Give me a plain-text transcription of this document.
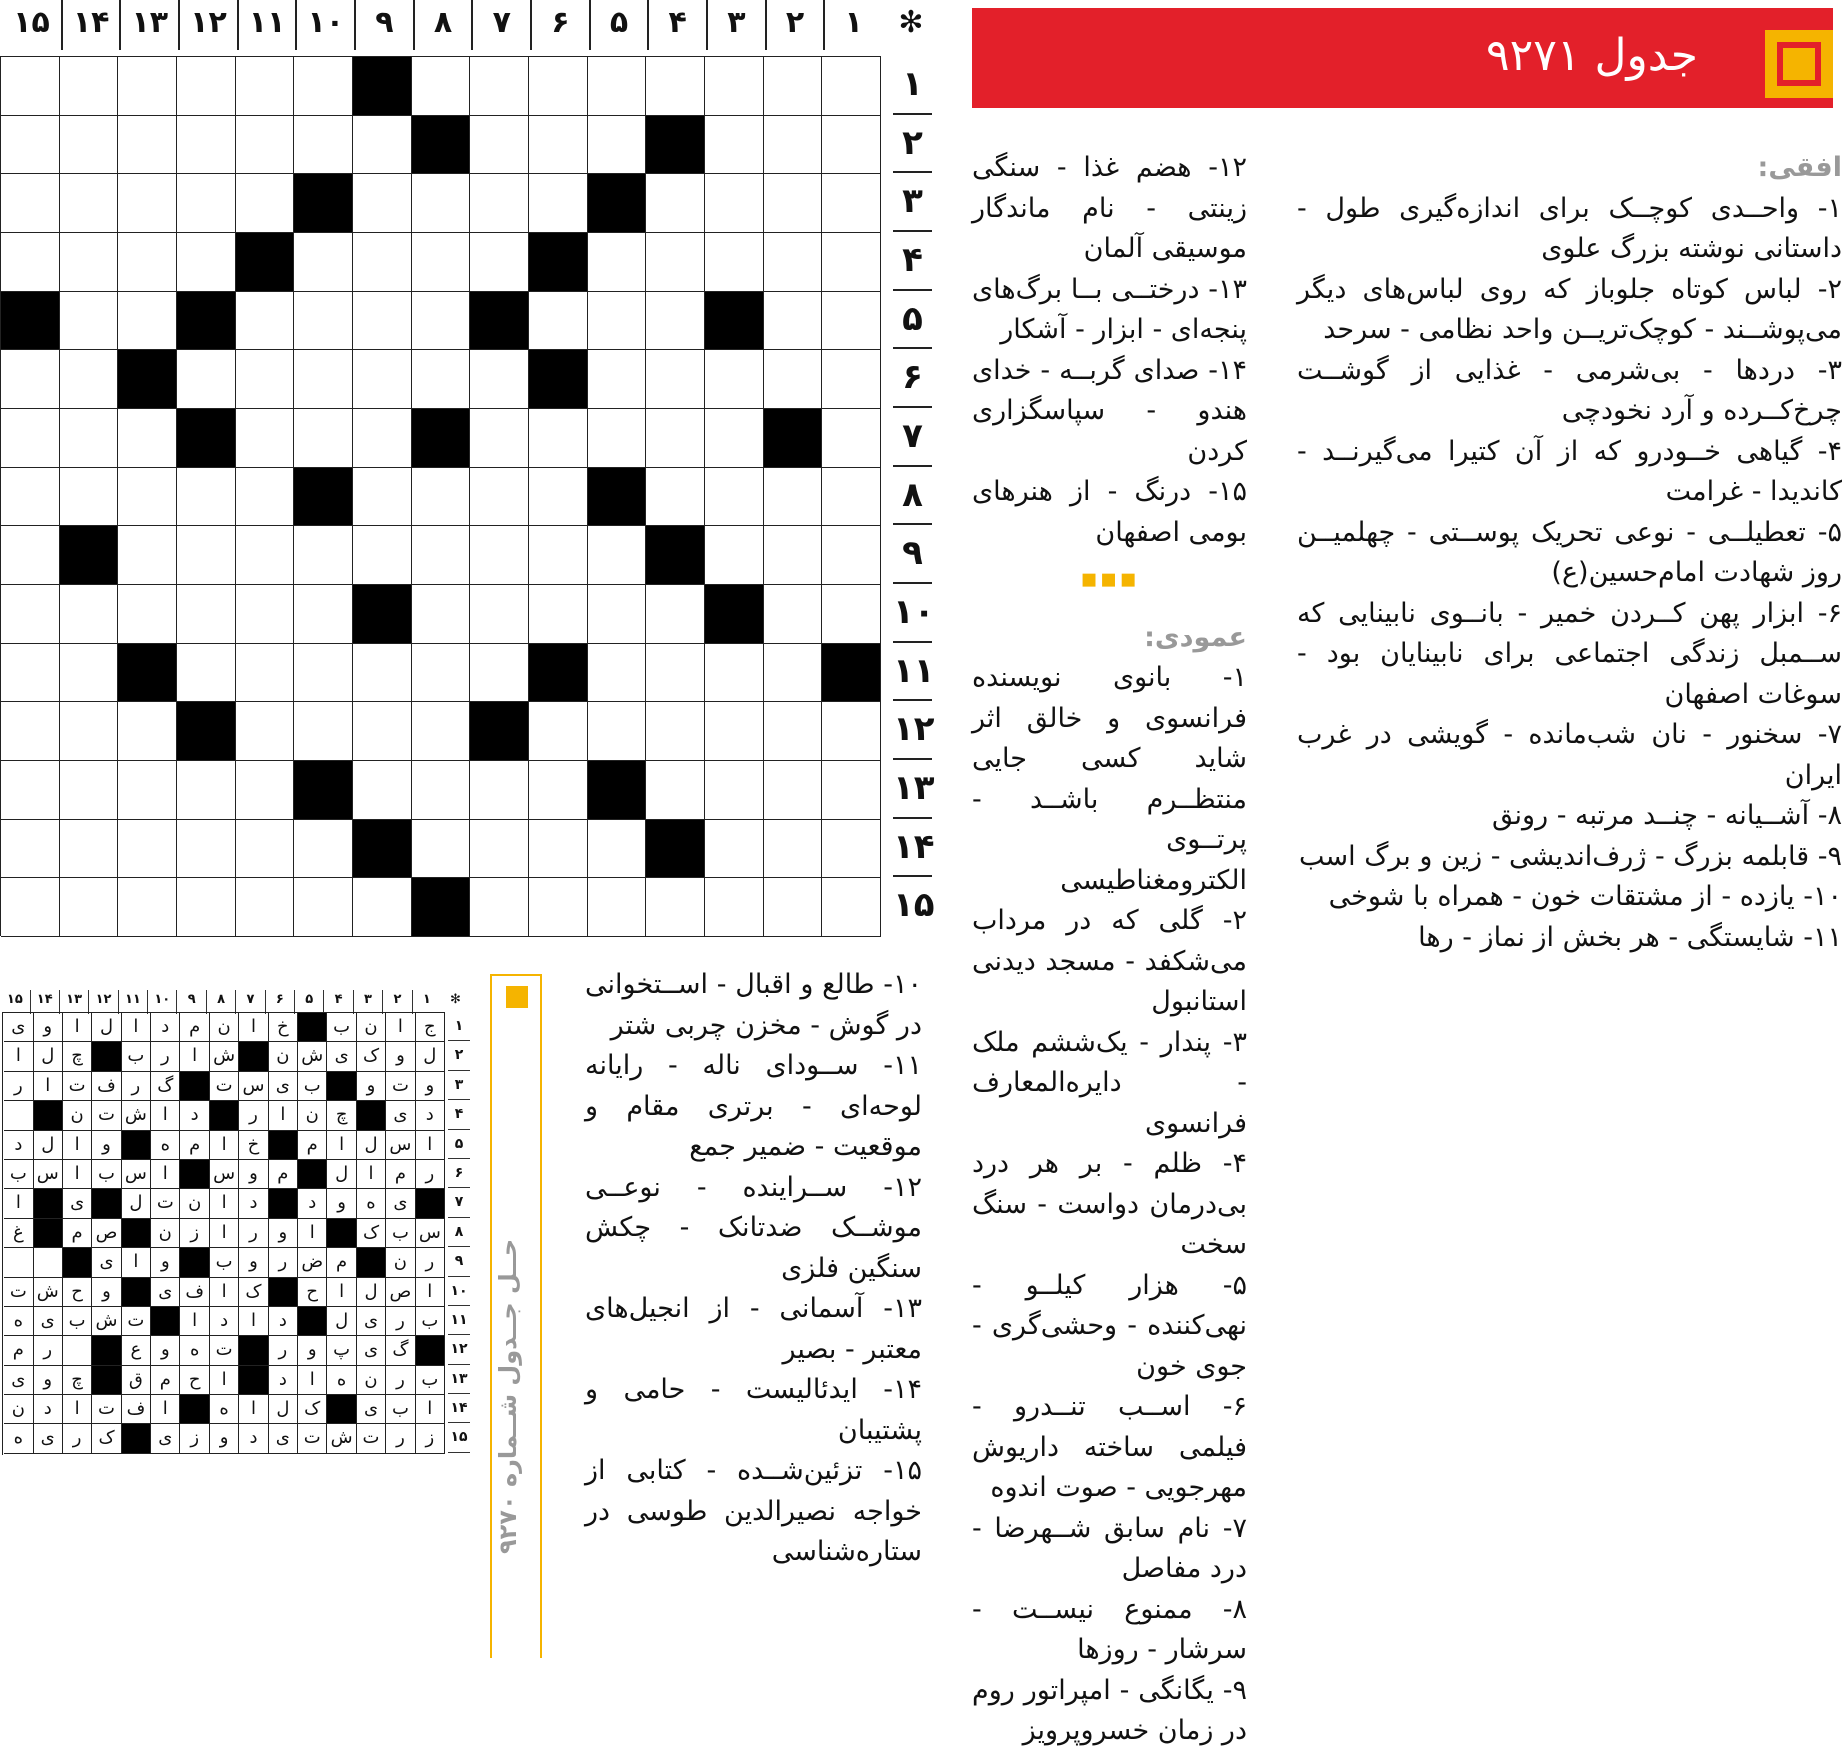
✻
۱
۲
۳
۴
۵
۶
۷
۸
۹
۱۰
۱۱
۱۲
۱۳
۱۴
۱۵
۱
۲
۳
۴
۵
۶
۷
۸
۹
۱۰
۱۱
۱۲
۱۳
۱۴
۱۵
جدول ۹۲۷۱
افقی:

۱- واحــدی کوچــک برای اندازه‌گیری طول - داستانی نوشته بزرگ علوی

۲- لباس کوتاه جلوباز که روی لباس‌های دیگر می‌پوشــند - کوچک‌تریــن واحد نظامی - سرحد

۳- دردها - بی‌شرمی - غذایی از گوشــت چرخ‌کــرده و آرد نخودچی

۴- گیاهی خــودرو که از آن کتیرا می‌گیرنــد - کاندیدا - غرامت

۵- تعطیلــی - نوعی تحریک پوســتی - چهلمیــن روز شهادت امام‌حسین(ع)

۶- ابزار پهن کــردن خمیر - بانــوی نابینایی که ســمبل زندگی اجتماعی برای نابینایان بود - سوغات اصفهان

۷- سخنور - نان شب‌مانده - گویشی در غرب ایران

۸- آشــیانه - چنــد مرتبه - رونق

۹- قابلمه بزرگ - ژرف‌اندیشی - زین و برگ اسب

۱۰- یازده - از مشتقات خون - همراه با شوخی

۱۱- شایستگی - هر بخش از نماز - رها

۱۲- هضم غذا - سنگی زینتی - نام ماندگار موسیقی آلمان

۱۳- درختــی بــا برگ‌های پنجه‌ای - ابزار - آشکار

۱۴- صدای گربــه - خدای هندو - سپاسگزاری کردن

۱۵- درنگ - از هنرهای بومی اصفهان

▪▪▪
عمودی:

۱- بانوی نویسنده فرانسوی و خالق اثر شاید کسی جایی منتظــرم باشــد - پرتــوی الکترومغناطیسی

۲- گلی که در مرداب می‌شکفد - مسجد دیدنی استانبول

۳- پندار - یک‌ششم ملک - دایره‌المعارف فرانسوی

۴- ظلم - بر هر درد بی‌درمان دواست - سنگ سخت

۵- هزار کیلــو - نهی‌کننده - وحشی‌گری - جوی خون

۶- اســب تنــدرو - فیلمی ساخته داریوش مهرجویی - صوت اندوه

۷- نام سابق شــهرضا - درد مفاصل

۸- ممنوع نیســت - سرشار - روزها

۹- یگانگی - امپراتور روم در زمان خسروپرویز

۱۰- طالع و اقبال - اســتخوانی در گوش - مخزن چربی شتر

۱۱- ســودای ناله - رایانه لوحه‌ای - برتری مقام و موقعیت - ضمیر جمع

۱۲- ســراینده - نوعــی موشــک ضدتانک - چکش سنگین فلزی

۱۳- آسمانی - از انجیل‌های معتبر - بصیر

۱۴- ایدئالیست - حامی و پشتیبان

۱۵- تزئین‌شــده - کتابی از خواجه نصیرالدین طوسی در ستاره‌شناسی

حــل جــدول شــماره ۹۲۷۰
✻
۱
۲
۳
۴
۵
۶
۷
۸
۹
۱۰
۱۱
۱۲
۱۳
۱۴
۱۵
ج
ا
ن
ب
خ
ا
ن
م
د
ا
ل
ا
و
ی
ل
و
ک
ی
ش
ن
ش
ا
ر
ب
چ
ل
ا
و
ت
و
ب
ی
س
ت
گ
ر
ف
ت
ا
ر
د
ی
چ
ن
ا
ر
د
ا
ش
ت
ن
ا
س
ل
ا
م
خ
ا
م
ه
و
ا
ل
د
ر
م
ا
ل
م
و
س
ا
س
ب
ا
س
ب
ی
ه
و
د
د
ا
ن
ت
ل
ی
ا
س
ب
ک
ا
و
ر
ا
ز
ن
ص
م
غ
ر
ن
م
ض
ر
و
ب
و
ا
ی
ا
ص
ل
ا
ح
ک
ا
ف
ی
و
ح
ش
ت
ب
ر
ی
ل
د
ا
د
ا
ت
ش
ب
ی
ه
گ
ی
پ
و
ر
ت
ه
و
ع
ر
م
ب
ر
ن
ه
ا
د
ا
ح
م
ق
چ
و
ی
ا
ب
ی
ک
ل
ا
ه
ا
ف
ت
ا
د
ن
ز
ر
ت
ش
ت
ی
د
و
ز
ی
ک
ر
ی
ه
۱
۲
۳
۴
۵
۶
۷
۸
۹
۱۰
۱۱
۱۲
۱۳
۱۴
۱۵
